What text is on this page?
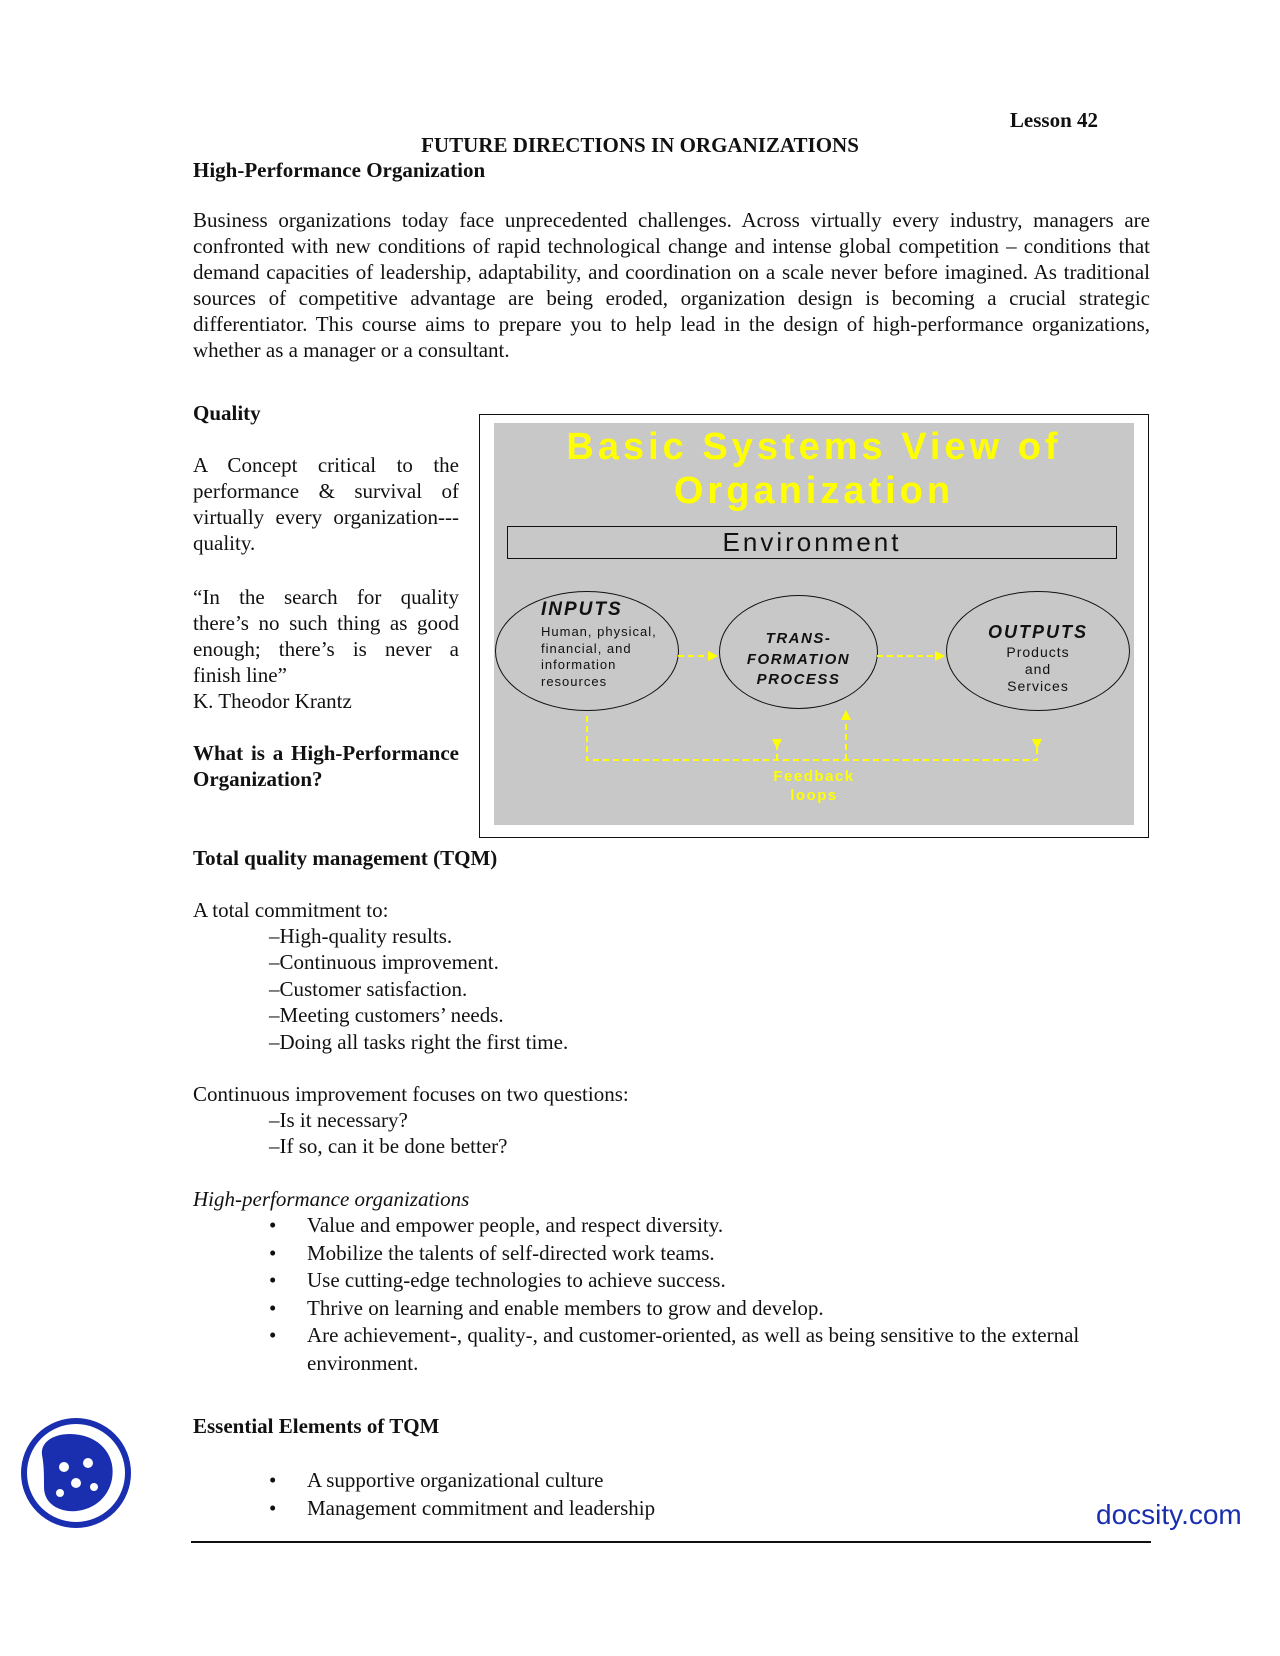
Lesson 42
FUTURE DIRECTIONS IN ORGANIZATIONS
High-Performance Organization
Business organizations today face unprecedented challenges. Across virtually every industry, managers are confronted with new conditions of rapid technological change and intense global competition – conditions that demand capacities of leadership, adaptability, and coordination on a scale never before imagined. As traditional sources of competitive advantage are being eroded, organization design is becoming a crucial strategic differentiator. This course aims to prepare you to help lead in the design of high-performance organizations, whether as a manager or a consultant.
Quality
A Concept critical to the performance & survival of virtually every organization---quality.
“In the search for quality there’s no such thing as good enough; there’s is never a finish line”
K. Theodor Krantz
What is a High-Performance Organization?
Basic Systems View of Organization
Environment
INPUTS
Human, physical, financial, and information resources
TRANS-
FORMATION
PROCESS
OUTPUTS
Products
and
Services
Feedback
loops
Total quality management (TQM)
A total commitment to:
–High-quality results.
–Continuous improvement.
–Customer satisfaction.
–Meeting customers’ needs.
–Doing all tasks right the first time.
Continuous improvement focuses on two questions:
–Is it necessary?
–If so, can it be done better?
High-performance organizations
• Value and empower people, and respect diversity.
• Mobilize the talents of self-directed work teams.
• Use cutting-edge technologies to achieve success.
• Thrive on learning and enable members to grow and develop.
• Are achievement-, quality-, and customer-oriented, as well as being sensitive to the external environment.
Essential Elements of TQM
• A supportive organizational culture
• Management commitment and leadership	docsity.com
